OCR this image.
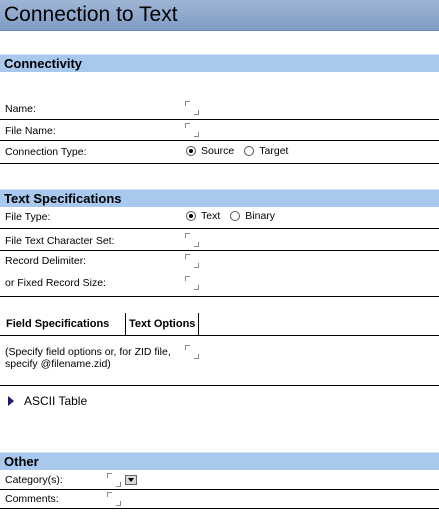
Connection to Text
Connectivity
Name:
File Name:
Connection Type:	Source Target
Text Specifications
File Type:	Text Binary
File Text Character Set:
Record Delimiter:
or Fixed Record Size:
Field Specifications	Text Options
(Specify field options or, for ZID file, specify @filename.zid)
ASCII Table
Other
Category(s):
Comments:
